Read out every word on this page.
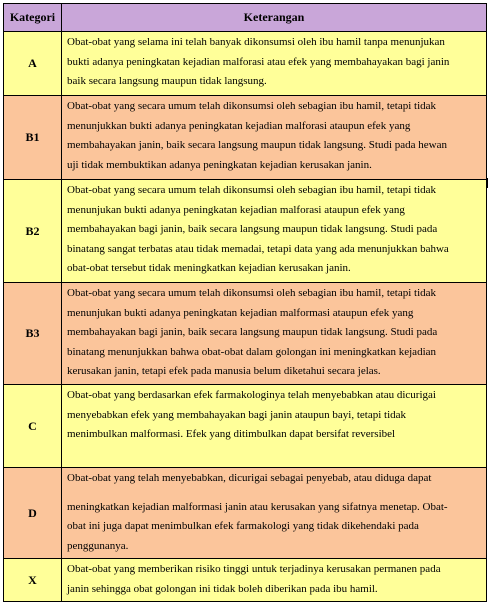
Kategori	Keterangan
A	Obat-obat yang selama ini telah banyak dikonsumsi oleh ibu hamil tanpa menunjukan
bukti adanya peningkatan kejadian malforasi atau efek yang membahayakan bagi janin
baik secara langsung maupun tidak langsung.

B1	Obat-obat yang secara umum telah dikonsumsi oleh sebagian ibu hamil, tetapi tidak
menunjukkan bukti adanya peningkatan kejadian malforasi ataupun efek yang
membahayakan janin, baik secara langsung maupun tidak langsung. Studi pada hewan
uji tidak membuktikan adanya peningkatan kejadian kerusakan janin.

B2	Obat-obat yang secara umum telah dikonsumsi oleh sebagian ibu hamil, tetapi tidak
menunjukan bukti adanya peningkatan kejadian malforasi ataupun efek yang
membahayakan bagi janin, baik secara langsung maupun tidak langsung. Studi pada
binatang sangat terbatas atau tidak memadai, tetapi data yang ada menunjukkan bahwa
obat-obat tersebut tidak meningkatkan kejadian kerusakan janin.

B3	Obat-obat yang secara umum telah dikonsumsi oleh sebagian ibu hamil, tetapi tidak
menunjukan bukti adanya peningkatan kejadian malformasi ataupun efek yang
membahayakan bagi janin, baik secara langsung maupun tidak langsung. Studi pada
binatang menunjukkan bahwa obat-obat dalam golongan ini meningkatkan kejadian
kerusakan janin, tetapi efek pada manusia belum diketahui secara jelas.

C	Obat-obat yang berdasarkan efek farmakologinya telah menyebabkan atau dicurigai
menyebabkan efek yang membahayakan bagi janin ataupun bayi, tetapi tidak
menimbulkan malformasi. Efek yang ditimbulkan dapat bersifat reversibel

D	Obat-obat yang telah menyebabkan, dicurigai sebagai penyebab, atau diduga dapat
meningkatkan kejadian malformasi janin atau kerusakan yang sifatnya menetap. Obat-
obat ini juga dapat menimbulkan efek farmakologi yang tidak dikehendaki pada
penggunanya.

X	Obat-obat yang memberikan risiko tinggi untuk terjadinya kerusakan permanen pada
janin sehingga obat golongan ini tidak boleh diberikan pada ibu hamil.
